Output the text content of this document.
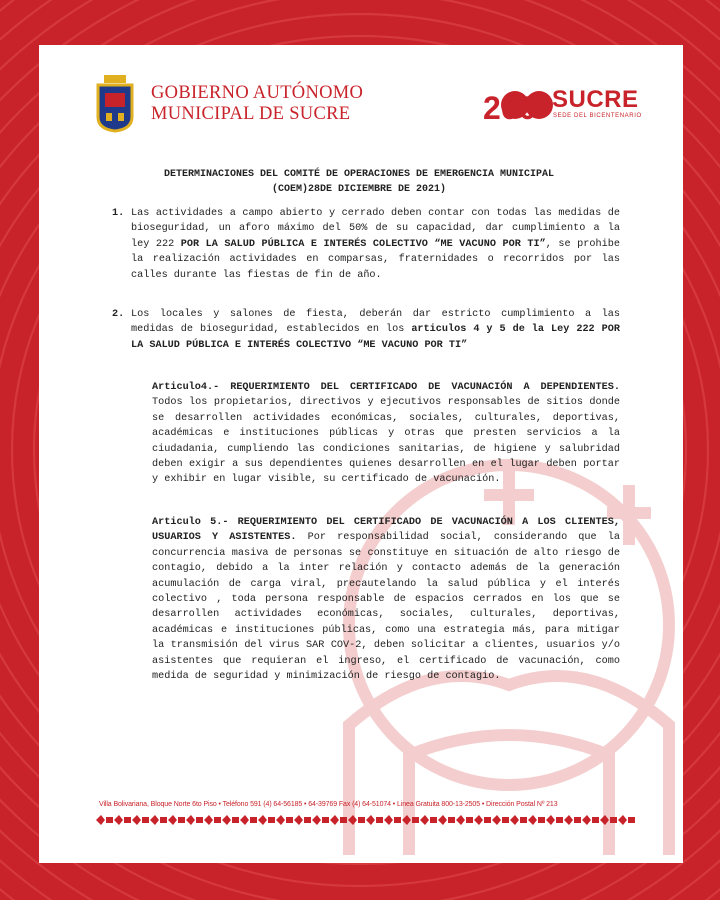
GOBIERNO AUTÓNOMO
MUNICIPAL DE SUCRE	200 SUCRE
SEDE DEL BICENTENARIO
DETERMINACIONES DEL COMITÉ DE OPERACIONES DE EMERGENCIA MUNICIPAL
(COEM)28DE DICIEMBRE DE 2021)
1. Las actividades a campo abierto y cerrado deben contar con todas las medidas de bioseguridad, un aforo máximo del 50% de su capacidad, dar cumplimiento a la ley 222 POR LA SALUD PÚBLICA E INTERÉS COLECTIVO “ME VACUNO POR TI”, se prohibe la realización actividades en comparsas, fraternidades o recorridos por las calles durante las fiestas de fin de año.
2. Los locales y salones de fiesta, deberán dar estricto cumplimiento a las medidas de bioseguridad, establecidos en los articulos 4 y 5 de la Ley 222 POR LA SALUD PÚBLICA E INTERÉS COLECTIVO “ME VACUNO POR TI”
Articulo4.- REQUERIMIENTO DEL CERTIFICADO DE VACUNACIÓN A DEPENDIENTES. Todos los propietarios, directivos y ejecutivos responsables de sitios donde se desarrollen actividades económicas, sociales, culturales, deportivas, académicas e instituciones públicas y otras que presten servicios a la ciudadania, cumpliendo las condiciones sanitarias, de higiene y salubridad deben exigir a sus dependientes quienes desarrollen en el lugar deben portar y exhibir en lugar visible, su certificado de vacunación.
Articulo 5.- REQUERIMIENTO DEL CERTIFICADO DE VACUNACIÓN A LOS CLIENTES, USUARIOS Y ASISTENTES. Por responsabilidad social, considerando que la concurrencia masiva de personas se constituye en situación de alto riesgo de contagio, debido a la inter relación y contacto además de la generación acumulación de carga viral, precautelando la salud pública y el interés colectivo , toda persona responsable de espacios cerrados en los que se desarrollen actividades económicas, sociales, culturales, deportivas, académicas e instituciones públicas, como una estrategia más, para mitigar la transmisión del virus SAR COV-2, deben solicitar a clientes, usuarios y/o asistentes que requieran el ingreso, el certificado de vacunación, como medida de seguridad y minimización de riesgo de contagio.
Villa Bolivariana, Bloque Norte 6to Piso • Teléfono 591 (4) 64-56185 • 64-39769 Fax (4) 64-51074 • Linea Gratuita 800-13-2505 • Dirección Postal Nº 213
